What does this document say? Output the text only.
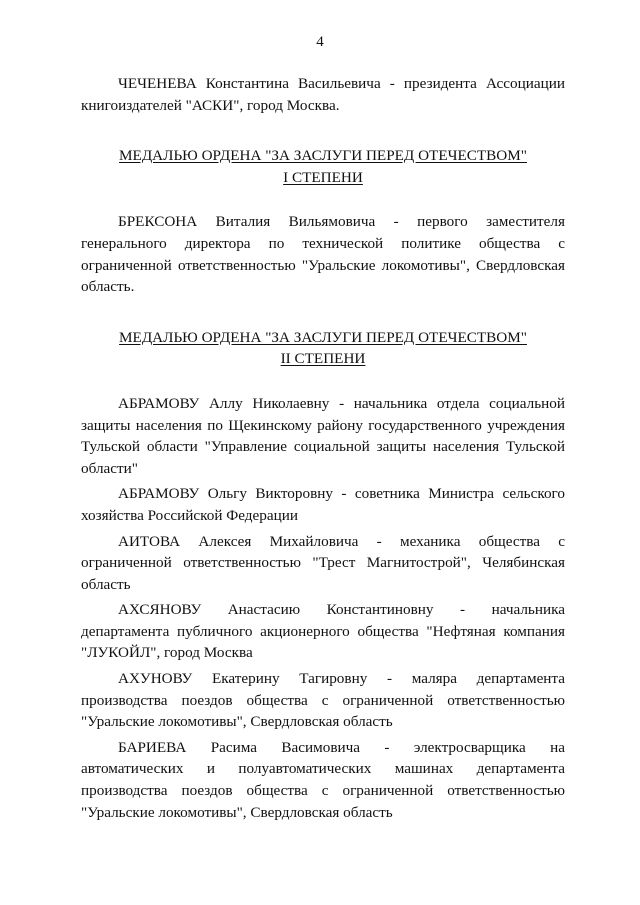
4

ЧЕЧЕНЕВА Константина Васильевича - президента Ассоциации книгоиздателей "АСКИ", город Москва.

МЕДАЛЬЮ ОРДЕНА "ЗА ЗАСЛУГИ ПЕРЕД ОТЕЧЕСТВОМ"
I СТЕПЕНИ

БРЕКСОНА Виталия Вильямовича - первого заместителя генерального директора по технической политике общества с ограниченной ответственностью "Уральские локомотивы", Свердловская область.

МЕДАЛЬЮ ОРДЕНА "ЗА ЗАСЛУГИ ПЕРЕД ОТЕЧЕСТВОМ"
II СТЕПЕНИ

АБРАМОВУ Аллу Николаевну - начальника отдела социальной защиты населения по Щекинскому району государственного учреждения Тульской области "Управление социальной защиты населения Тульской области"

АБРАМОВУ Ольгу Викторовну - советника Министра сельского хозяйства Российской Федерации

АИТОВА Алексея Михайловича - механика общества с ограниченной ответственностью "Трест Магнитострой", Челябинская область

АХСЯНОВУ Анастасию Константиновну - начальника департамента публичного акционерного общества "Нефтяная компания "ЛУКОЙЛ", город Москва

АХУНОВУ Екатерину Тагировну - маляра департамента производства поездов общества с ограниченной ответственностью "Уральские локомотивы", Свердловская область

БАРИЕВА Расима Васимовича - электросварщика на автоматических и полуавтоматических машинах департамента производства поездов общества с ограниченной ответственностью "Уральские локомотивы", Свердловская область
